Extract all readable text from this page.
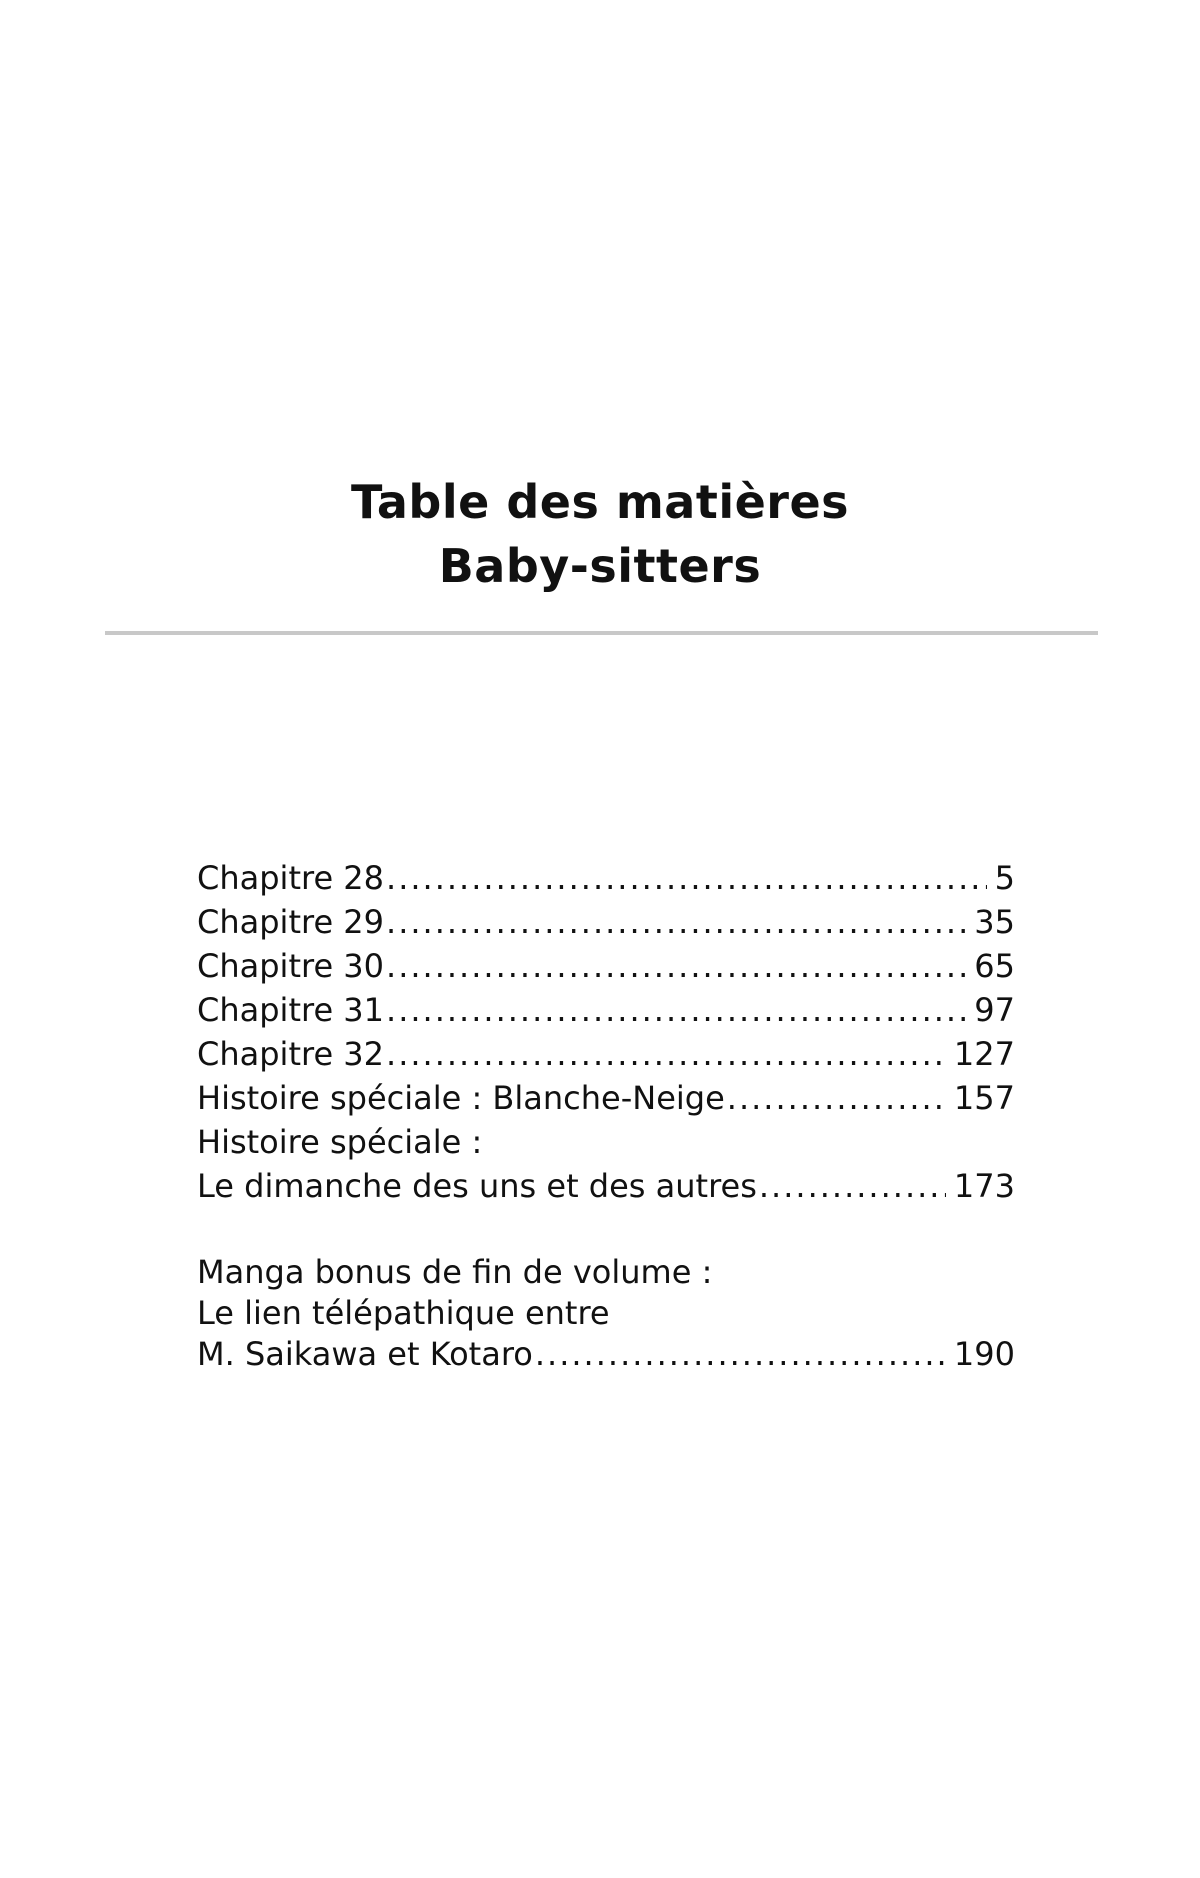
Table des matières
Baby-sitters
Chapitre 28 .....	5
Chapitre 29 .....	35
Chapitre 30 .....	65
Chapitre 31 .....	97
Chapitre 32 .....	127
Histoire spéciale : Blanche-Neige .....	157
Histoire spéciale :
Le dimanche des uns et des autres .....	173
Manga bonus de fin de volume :
Le lien télépathique entre
M. Saikawa et Kotaro .....	190
